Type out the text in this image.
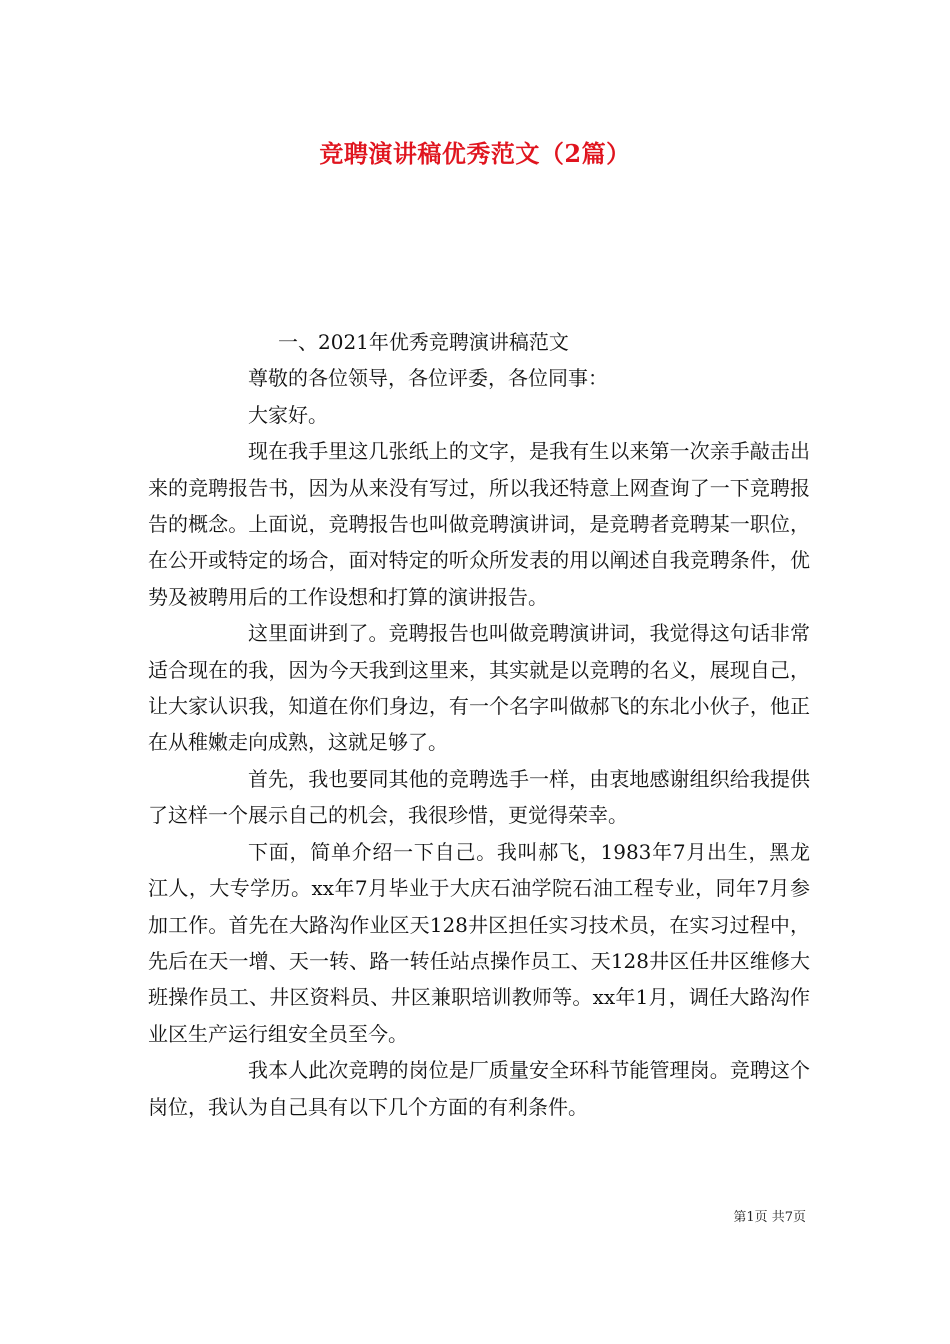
竞聘演讲稿优秀范文（2篇）

一、2021年优秀竞聘演讲稿范文

尊敬的各位领导，各位评委，各位同事：

大家好。

现在我手里这几张纸上的文字，是我有生以来第一次亲手敲击出来的竞聘报告书，因为从来没有写过，所以我还特意上网查询了一下竞聘报告的概念。上面说，竞聘报告也叫做竞聘演讲词，是竞聘者竞聘某一职位，在公开或特定的场合，面对特定的听众所发表的用以阐述自我竞聘条件，优势及被聘用后的工作设想和打算的演讲报告。

这里面讲到了。竞聘报告也叫做竞聘演讲词，我觉得这句话非常适合现在的我，因为今天我到这里来，其实就是以竞聘的名义，展现自己，让大家认识我，知道在你们身边，有一个名字叫做郝飞的东北小伙子，他正在从稚嫩走向成熟，这就足够了。

首先，我也要同其他的竞聘选手一样，由衷地感谢组织给我提供了这样一个展示自己的机会，我很珍惜，更觉得荣幸。

下面，简单介绍一下自己。我叫郝飞，1983年7月出生，黑龙江人，大专学历。xx年7月毕业于大庆石油学院石油工程专业，同年7月参加工作。首先在大路沟作业区天128井区担任实习技术员，在实习过程中，先后在天一增、天一转、路一转任站点操作员工、天128井区任井区维修大班操作员工、井区资料员、井区兼职培训教师等。xx年1月，调任大路沟作业区生产运行组安全员至今。

我本人此次竞聘的岗位是厂质量安全环科节能管理岗。竞聘这个岗位，我认为自己具有以下几个方面的有利条件。

第1页 共7页
